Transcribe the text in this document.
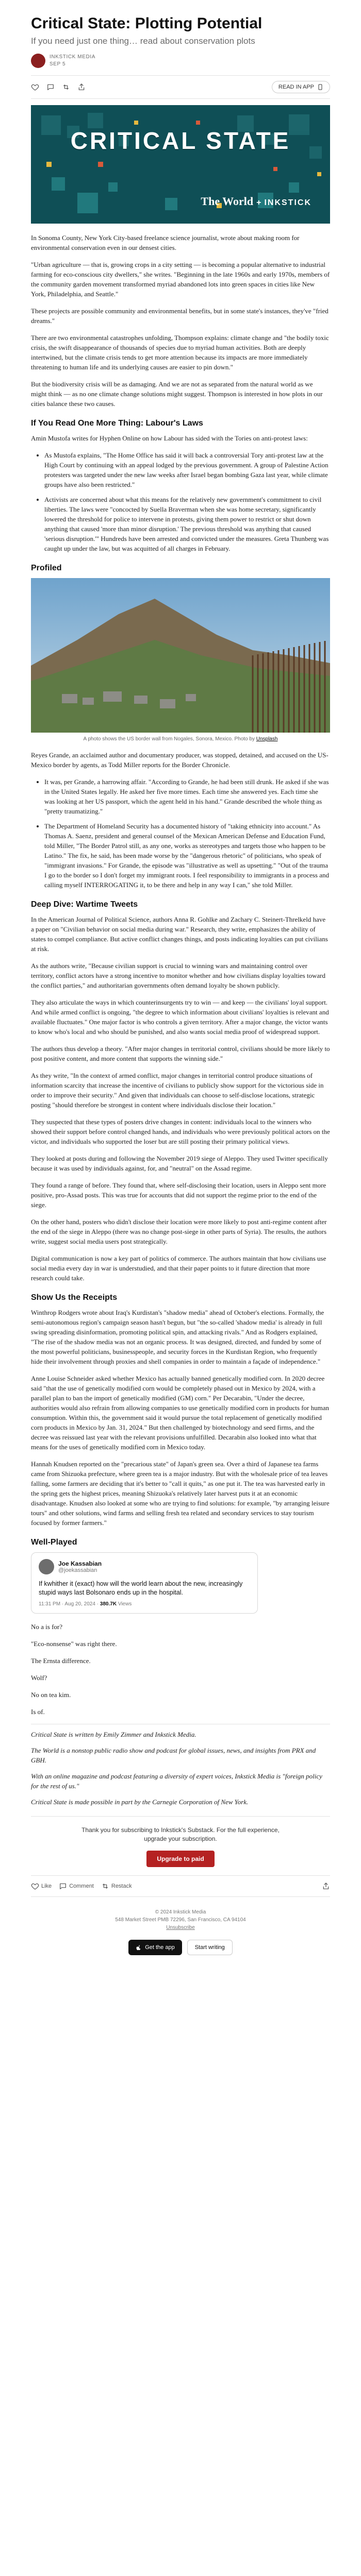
Critical State: Plotting Potential

If you need just one thing… read about conservation plots

INKSTICK MEDIA
SEP 5
READ IN APP
CRITICAL STATE
The World + INKSTICK

In Sonoma County, New York City-based freelance science journalist, wrote about making room for environmental conservation even in our densest cities.

"Urban agriculture — that is, growing crops in a city setting — is becoming a popular alternative to industrial farming for eco-conscious city dwellers," she writes. "Beginning in the late 1960s and early 1970s, members of the community garden movement transformed myriad abandoned lots into green spaces in cities like New York, Philadelphia, and Seattle."

These projects are possible community and environmental benefits, but in some state's instances, they've "fried dreams."

There are two environmental catastrophes unfolding, Thompson explains: climate change and "the bodily toxic crisis, the swift disappearance of thousands of species due to myriad human activities. Both are deeply intertwined, but the climate crisis tends to get more attention because its impacts are more immediately threatening to human life and its underlying causes are easier to pin down."

But the biodiversity crisis will be as damaging. And we are not as separated from the natural world as we might think — as no one climate change solutions might suggest. Thompson is interested in how plots in our cities balance these two causes.

If You Read One More Thing: Labour's Laws

Amin Mustofa writes for Hyphen Online on how Labour has sided with the Tories on anti-protest laws:

• As Mustofa explains, "The Home Office has said it will back a controversial Tory anti-protest law at the High Court by continuing with an appeal lodged by the previous government. A group of Palestine Action protesters was targeted under the new law weeks after Israel began bombing Gaza last year, while climate groups have also been restricted."
• Activists are concerned about what this means for the relatively new government's commitment to civil liberties. The laws were "concocted by Suella Braverman when she was home secretary, significantly lowered the threshold for police to intervene in protests, giving them power to restrict or shut down anything that caused 'more than minor disruption.' The previous threshold was anything that caused 'serious disruption.'" Hundreds have been arrested and convicted under the measures. Greta Thunberg was caught up under the law, but was acquitted of all charges in February.
Profiled
A photo shows the US border wall from Nogales, Sonora, Mexico. Photo by Unsplash

Reyes Grande, an acclaimed author and documentary producer, was stopped, detained, and accused on the US-Mexico border by agents, as Todd Miller reports for the Border Chronicle.

• It was, per Grande, a harrowing affair. "According to Grande, he had been still drunk. He asked if she was in the United States legally. He asked her five more times. Each time she answered yes. Each time she was looking at her US passport, which the agent held in his hand." Grande described the whole thing as "pretty traumatizing."
• The Department of Homeland Security has a documented history of "taking ethnicity into account." As Thomas A. Saenz, president and general counsel of the Mexican American Defense and Education Fund, told Miller, "The Border Patrol still, as any one, works as stereotypes and targets those who happen to be Latino." The fix, he said, has been made worse by the "dangerous rhetoric" of politicians, who speak of "immigrant invasions." For Grande, the episode was "illustrative as well as upsetting." "Out of the trauma I go to the border so I don't forget my immigrant roots. I feel responsibility to immigrants in a process and calling myself INTERROGATING it, to be there and help in any way I can," she told Miller.
Deep Dive: Wartime Tweets

In the American Journal of Political Science, authors Anna R. Gohlke and Zachary C. Steinert-Threlkeld have a paper on "Civilian behavior on social media during war." Research, they write, emphasizes the ability of states to compel compliance. But active conflict changes things, and posts indicating loyalties can put civilians at risk.

As the authors write, "Because civilian support is crucial to winning wars and maintaining control over territory, conflict actors have a strong incentive to monitor whether and how civilians display loyalties toward the conflict parties," and authoritarian governments often demand loyalty be shown publicly.

They also articulate the ways in which counterinsurgents try to win — and keep — the civilians' loyal support. And while armed conflict is ongoing, "the degree to which information about civilians' loyalties is relevant and available fluctuates." One major factor is who controls a given territory. After a major change, the victor wants to know who's local and who should be punished, and also wants social media proof of widespread support.

The authors thus develop a theory. "After major changes in territorial control, civilians should be more likely to post positive content, and more content that supports the winning side."

As they write, "In the context of armed conflict, major changes in territorial control produce situations of information scarcity that increase the incentive of civilians to publicly show support for the victorious side in order to improve their security." And given that individuals can choose to self-disclose locations, strategic posting "should therefore be strongest in content where individuals disclose their location."

They suspected that these types of posters drive changes in content: individuals local to the winners who showed their support before control changed hands, and individuals who were previously political actors on the victor, and individuals who supported the loser but are still posting their primary political views.

They looked at posts during and following the November 2019 siege of Aleppo. They used Twitter specifically because it was used by individuals against, for, and "neutral" on the Assad regime.

They found a range of before. They found that, where self-disclosing their location, users in Aleppo sent more positive, pro-Assad posts. This was true for accounts that did not support the regime prior to the end of the siege.

On the other hand, posters who didn't disclose their location were more likely to post anti-regime content after the end of the siege in Aleppo (there was no change post-siege in other parts of Syria). The results, the authors write, suggest social media users post strategically.

Digital communication is now a key part of politics of commerce. The authors maintain that how civilians use social media every day in war is understudied, and that their paper points to it future direction that more research could take.

Show Us the Receipts

Winthrop Rodgers wrote about Iraq's Kurdistan's "shadow media" ahead of October's elections. Formally, the semi-autonomous region's campaign season hasn't begun, but "the so-called 'shadow media' is already in full swing spreading disinformation, promoting political spin, and attacking rivals." And as Rodgers explained, "The rise of the shadow media was not an organic process. It was designed, directed, and funded by some of the most powerful politicians, businesspeople, and security forces in the Kurdistan Region, who frequently hide their involvement through proxies and shell companies in order to maintain a façade of independence."

Anne Louise Schneider asked whether Mexico has actually banned genetically modified corn. In 2020 decree said "that the use of genetically modified corn would be completely phased out in Mexico by 2024, with a parallel plan to ban the import of genetically modified (GM) corn." Per Decarabin, "Under the decree, authorities would also refrain from allowing companies to use genetically modified corn in products for human consumption. Within this, the government said it would pursue the total replacement of genetically modified corn products in Mexico by Jan. 31, 2024." But then challenged by biotechnology and seed firms, and the decree was reissued last year with the relevant provisions unfulfilled. Decarabin also looked into what that means for the uses of genetically modified corn in Mexico today.

Hannah Knudsen reported on the "precarious state" of Japan's green sea. Over a third of Japanese tea farms came from Shizuoka prefecture, where green tea is a major industry. But with the wholesale price of tea leaves falling, some farmers are deciding that it's better to "call it quits," as one put it. The tea was harvested early in the spring gets the highest prices, meaning Shizuoka's relatively later harvest puts it at an economic disadvantage. Knudsen also looked at some who are trying to find solutions: for example, "by arranging leisure tours" and other solutions, wind farms and selling fresh tea related and secondary services to stay tourism focused by former farmers."

Well-Played
Joe Kassabian
@joekassabian
If kwhither it (exact) how will the world learn about the new, increasingly stupid ways last Bolsonaro ends up in the hospital.
11:31 PM · Aug 20, 2024 · 380.7K Views

No a is for?

"Eco-nonsense" was right there.

The Ernsta difference.

Wolf?

No on tea kim.

Is of.

Critical State is written by Emily Zimmer and Inkstick Media.

The World is a nonstop public radio show and podcast for global issues, news, and insights from PRX and GBH.

With an online magazine and podcast featuring a diversity of expert voices, Inkstick Media is "foreign policy for the rest of us."

Critical State is made possible in part by the Carnegie Corporation of New York.

Thank you for subscribing to Inkstick's Substack. For the full experience, upgrade your subscription.

Upgrade to paid
Like	Comment	Restack
© 2024 Inkstick Media
548 Market Street PMB 72296, San Francisco, CA 94104
Unsubscribe
Get the app	Start writing
